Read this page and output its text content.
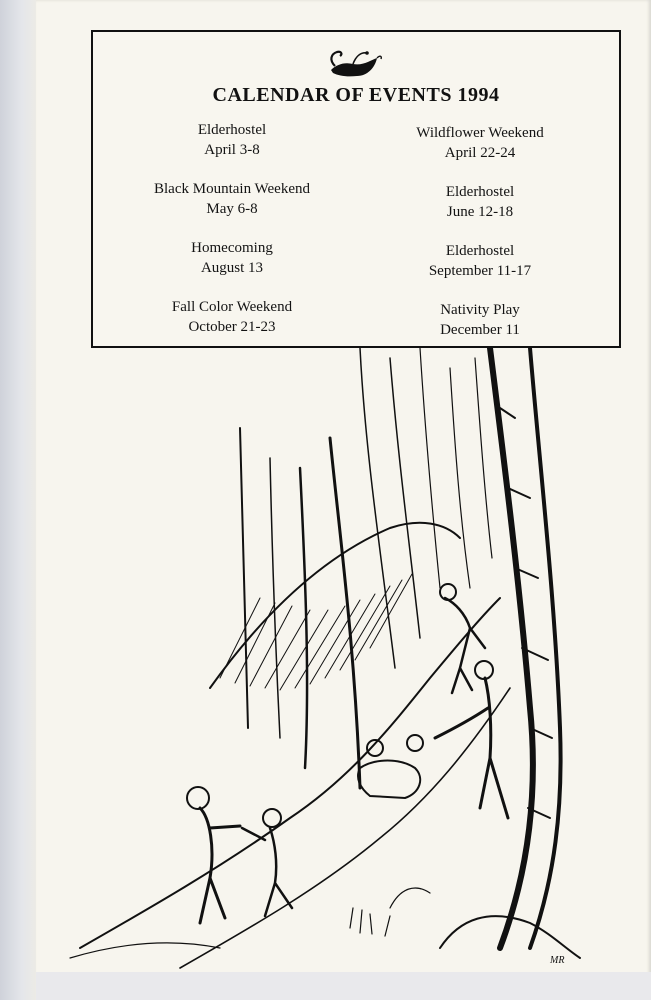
CALENDAR OF EVENTS 1994
Elderhostel
April 3-8
Black Mountain Weekend
May 6-8
Homecoming
August 13
Fall Color Weekend
October 21-23
Wildflower Weekend
April 22-24
Elderhostel
June 12-18
Elderhostel
September 11-17
Nativity Play
December 11
MR
